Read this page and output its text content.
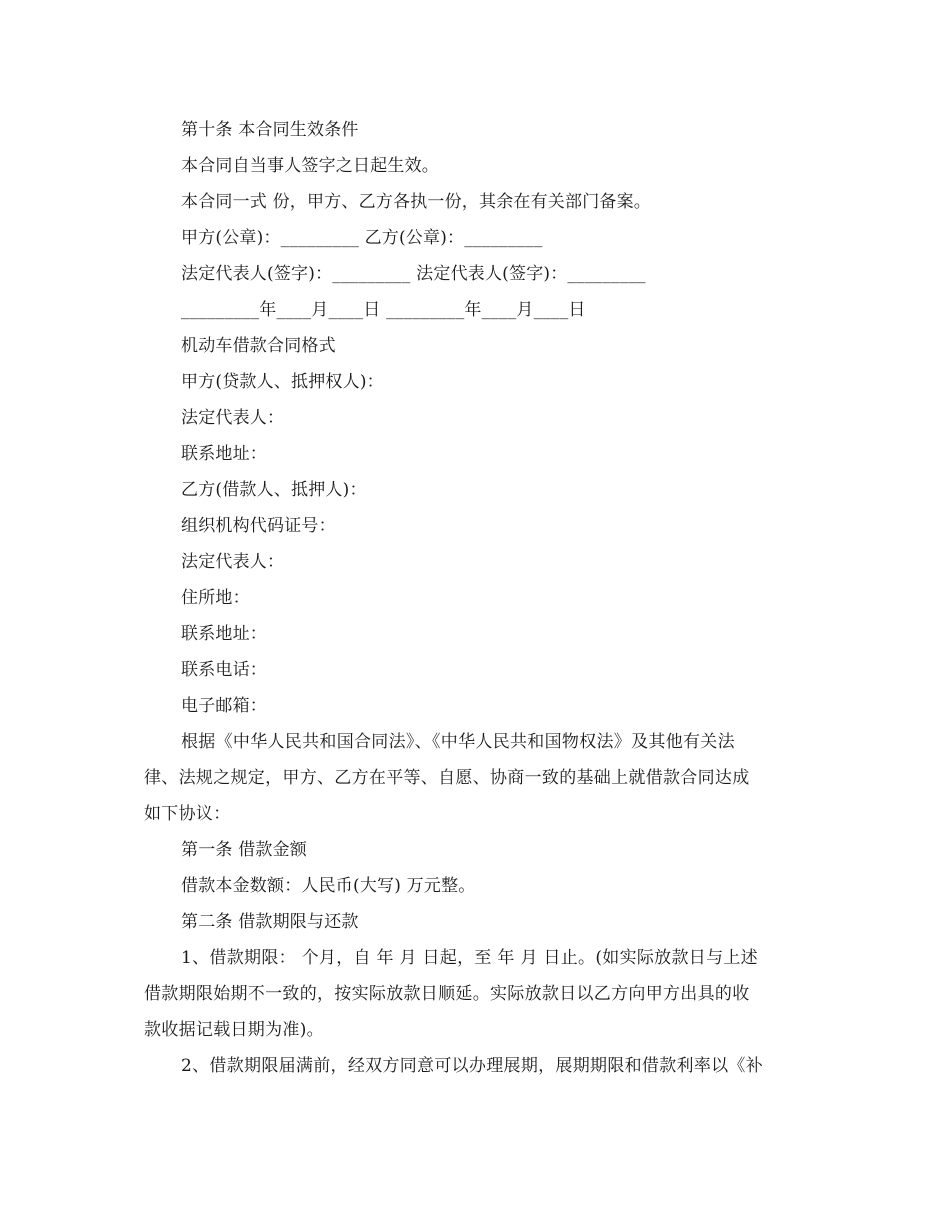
第十条 本合同生效条件
本合同自当事人签字之日起生效。
本合同一式 份，甲方、乙方各执一份，其余在有关部门备案。
甲方(公章)：_________ 乙方(公章)：_________
法定代表人(签字)：_________ 法定代表人(签字)：_________
_________年____月____日 _________年____月____日
机动车借款合同格式
甲方(贷款人、抵押权人)：
法定代表人：
联系地址：
乙方(借款人、抵押人)：
组织机构代码证号：
法定代表人：
住所地：
联系地址：
联系电话：
电子邮箱：
根据《中华人民共和国合同法》、《中华人民共和国物权法》及其他有关法
律、法规之规定，甲方、乙方在平等、自愿、协商一致的基础上就借款合同达成
如下协议：
第一条 借款金额
借款本金数额：人民币(大写) 万元整。
第二条 借款期限与还款
1、借款期限： 个月，自 年 月 日起，至 年 月 日止。(如实际放款日与上述
借款期限始期不一致的，按实际放款日顺延。实际放款日以乙方向甲方出具的收
款收据记载日期为准)。
2、借款期限届满前，经双方同意可以办理展期，展期期限和借款利率以《补
